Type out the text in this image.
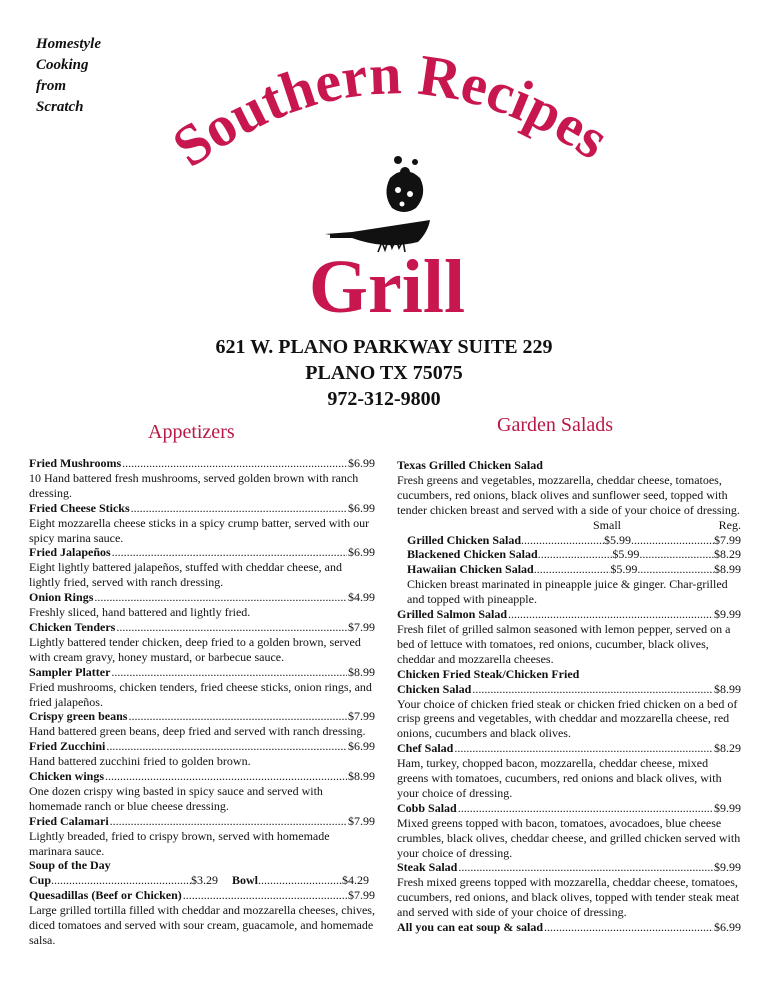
Homestyle
Cooking
from
Scratch
Southern Recipes
Grill
621 W. PLANO PARKWAY SUITE 229
PLANO TX 75075
972-312-9800
Appetizers	Garden Salads
Fried Mushrooms .....	$6.99
10 Hand battered fresh mushrooms, served golden brown with ranch dressing.
Fried Cheese Sticks .....	$6.99
Eight mozzarella cheese sticks in a spicy crump batter, served with our spicy marina sauce.
Fried Jalapeños .....	$6.99
Eight lightly battered jalapeños, stuffed with cheddar cheese, and lightly fried, served with ranch dressing.
Onion Rings .....	$4.99
Freshly sliced, hand battered and lightly fried.
Chicken Tenders .....	$7.99
Lightly battered tender chicken, deep fried to a golden brown, served with cream gravy, honey mustard, or barbecue sauce.
Sampler Platter .....	$8.99
Fried mushrooms, chicken tenders, fried cheese sticks, onion rings, and fried jalapeños.
Crispy green beans .....	$7.99
Hand battered green beans, deep fried and served with ranch dressing.
Fried Zucchini .....	$6.99
Hand battered zucchini fried to golden brown.
Chicken wings .....	$8.99
One dozen crispy wing basted in spicy sauce and served with homemade ranch or blue cheese dressing.
Fried Calamari .....	$7.99
Lightly breaded, fried to crispy brown, served with homemade marinara sauce.
Soup of the Day
Cup .....	$3.29 Bowl .....	$4.29
Quesadillas (Beef or Chicken) .....	$7.99
Large grilled tortilla filled with cheddar and mozzarella cheeses, chives, diced tomatoes and served with sour cream, guacamole, and homemade salsa.
Texas Grilled Chicken Salad
Fresh greens and vegetables, mozzarella, cheddar cheese, tomatoes, cucumbers, red onions, black olives and sunflower seed, topped with tender chicken breast and served with a side of your choice of dressing.
Small	Reg.
Grilled Chicken Salad .....	$5.99 .....	$7.99
Blackened Chicken Salad .....	$5.99 .....	$8.29
Hawaiian Chicken Salad .....	$5.99 .....	$8.99
Chicken breast marinated in pineapple juice & ginger. Char-grilled and topped with pineapple.
Grilled Salmon Salad .....	$9.99
Fresh filet of grilled salmon seasoned with lemon pepper, served on a bed of lettuce with tomatoes, red onions, cucumber, black olives, cheddar and mozzarella cheeses.
Chicken Fried Steak/Chicken Fried
Chicken Salad .....	$8.99
Your choice of chicken fried steak or chicken fried chicken on a bed of crisp greens and vegetables, with cheddar and mozzarella cheese, red onions, cucumbers and black olives.
Chef Salad .....	$8.29
Ham, turkey, chopped bacon, mozzarella, cheddar cheese, mixed greens with tomatoes, cucumbers, red onions and black olives, with your choice of dressing.
Cobb Salad .....	$9.99
Mixed greens topped with bacon, tomatoes, avocadoes, blue cheese crumbles, black olives, cheddar cheese, and grilled chicken served with your choice of dressing.
Steak Salad .....	$9.99
Fresh mixed greens topped with mozzarella, cheddar cheese, tomatoes, cucumbers, red onions, and black olives, topped with tender steak meat and served with side of your choice of dressing.
All you can eat soup & salad .....	$6.99
